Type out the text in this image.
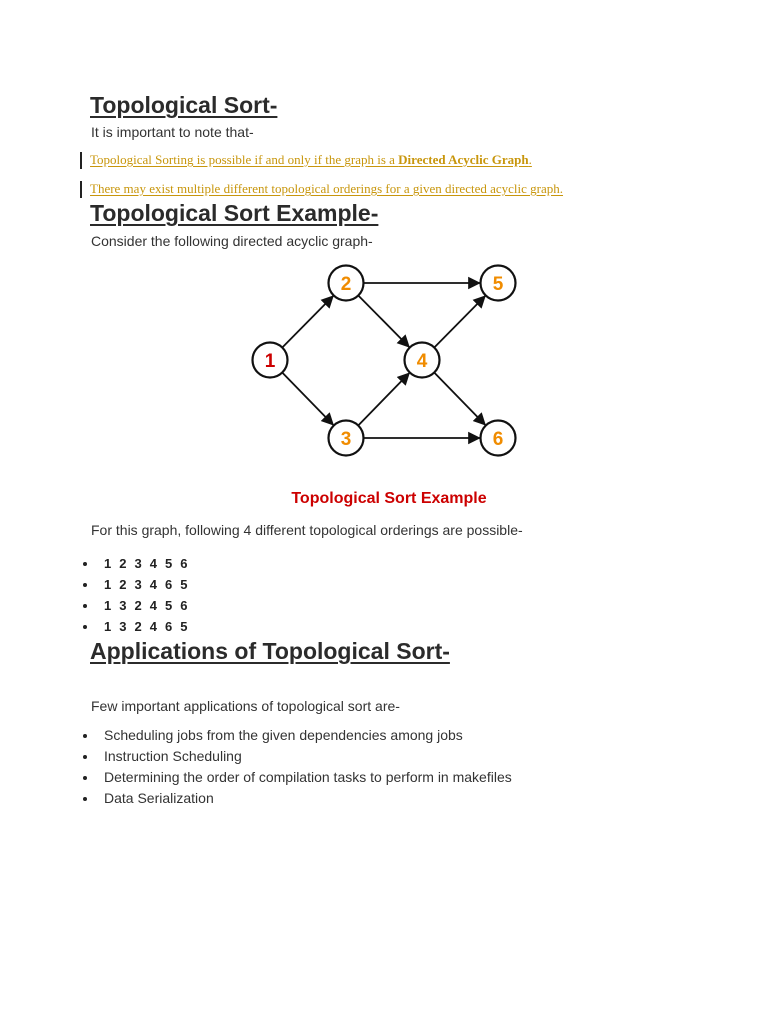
Topological Sort-

It is important to note that-

Topological Sorting is possible if and only if the graph is a Directed Acyclic Graph.
There may exist multiple different topological orderings for a given directed acyclic graph.
Topological Sort Example-

Consider the following directed acyclic graph-

1
2
3
4
5
6
Topological Sort Example

For this graph, following 4 different topological orderings are possible-

1 2 3 4 5 6
1 2 3 4 6 5
1 3 2 4 5 6
1 3 2 4 6 5
Applications of Topological Sort-

Few important applications of topological sort are-

Scheduling jobs from the given dependencies among jobs
Instruction Scheduling
Determining the order of compilation tasks to perform in makefiles
Data Serialization
